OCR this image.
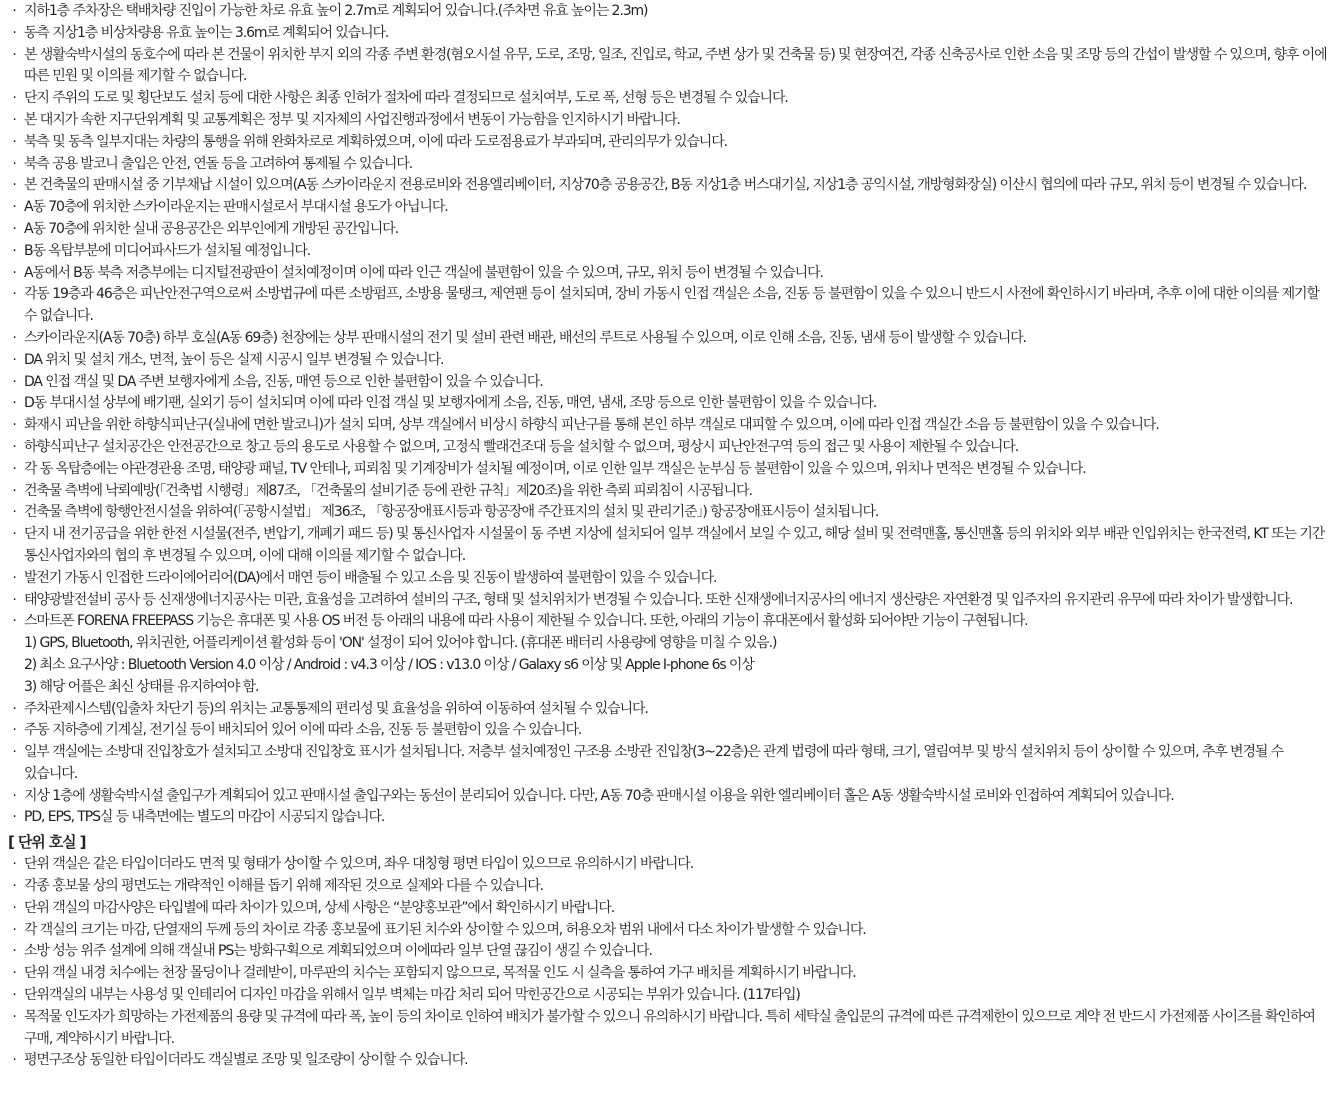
· 지하1층 주차장은 택배차량 진입이 가능한 차로 유효 높이 2.7m로 계획되어 있습니다.(주차면 유효 높이는 2.3m)
· 동측 지상1층 비상차량용 유효 높이는 3.6m로 계획되어 있습니다.
· 본 생활숙박시설의 동호수에 따라 본 건물이 위치한 부지 외의 각종 주변 환경(혐오시설 유무, 도로, 조망, 일조, 진입로, 학교, 주변 상가 및 건축물 등) 및 현장여건, 각종 신축공사로 인한 소음 및 조망 등의 간섭이 발생할 수 있으며, 향후 이에 따른 민원 및 이의를 제기할 수 없습니다.
· 단지 주위의 도로 및 횡단보도 설치 등에 대한 사항은 최종 인허가 절차에 따라 결정되므로 설치여부, 도로 폭, 선형 등은 변경될 수 있습니다.
· 본 대지가 속한 지구단위계획 및 교통계획은 정부 및 지자체의 사업진행과정에서 변동이 가능함을 인지하시기 바랍니다.
· 북측 및 동측 일부지대는 차량의 통행을 위해 완화차로로 계획하였으며, 이에 따라 도로점용료가 부과되며, 관리의무가 있습니다.
· 북측 공용 발코니 출입은 안전, 연돌 등을 고려하여 통제될 수 있습니다.
· 본 건축물의 판매시설 중 기부채납 시설이 있으며(A동 스카이라운지 전용로비와 전용엘리베이터, 지상70층 공용공간, B동 지상1층 버스대기실, 지상1층 공익시설, 개방형화장실) 이산시 협의에 따라 규모, 위치 등이 변경될 수 있습니다.
· A동 70층에 위치한 스카이라운지는 판매시설로서 부대시설 용도가 아닙니다.
· A동 70층에 위치한 실내 공용공간은 외부인에게 개방된 공간입니다.
· B동 옥탑부분에 미디어파사드가 설치될 예정입니다.
· A동에서 B동 북측 저층부에는 디지털전광판이 설치예정이며 이에 따라 인근 객실에 불편함이 있을 수 있으며, 규모, 위치 등이 변경될 수 있습니다.
· 각동 19층과 46층은 피난안전구역으로써 소방법규에 따른 소방펌프, 소방용 물탱크, 제연팬 등이 설치되며, 장비 가동시 인접 객실은 소음, 진동 등 불편함이 있을 수 있으니 반드시 사전에 확인하시기 바라며, 추후 이에 대한 이의를 제기할 수 없습니다.
· 스카이라운지(A동 70층) 하부 호실(A동 69층) 천장에는 상부 판매시설의 전기 및 설비 관련 배관, 배선의 루트로 사용될 수 있으며, 이로 인해 소음, 진동, 냄새 등이 발생할 수 있습니다.
· DA 위치 및 설치 개소, 면적, 높이 등은 실제 시공시 일부 변경될 수 있습니다.
· DA 인접 객실 및 DA 주변 보행자에게 소음, 진동, 매연 등으로 인한 불편함이 있을 수 있습니다.
· D동 부대시설 상부에 배기팬, 실외기 등이 설치되며 이에 따라 인접 객실 및 보행자에게 소음, 진동, 매연, 냄새, 조망 등으로 인한 불편함이 있을 수 있습니다.
· 화재시 피난을 위한 하향식피난구(실내에 면한 발코니)가 설치 되며, 상부 객실에서 비상시 하향식 피난구를 통해 본인 하부 객실로 대피할 수 있으며, 이에 따라 인접 객실간 소음 등 불편함이 있을 수 있습니다.
· 하향식피난구 설치공간은 안전공간으로 창고 등의 용도로 사용할 수 없으며, 고정식 빨래건조대 등을 설치할 수 없으며, 평상시 피난안전구역 등의 접근 및 사용이 제한될 수 있습니다.
· 각 동 옥탑층에는 야관경관용 조명, 태양광 패널, TV 안테나, 피뢰침 및 기계장비가 설치될 예정이며, 이로 인한 일부 객실은 눈부심 등 불편함이 있을 수 있으며, 위치나 면적은 변경될 수 있습니다.
· 건축물 측벽에 낙뢰예방(「건축법 시행령」제87조, 「건축물의 설비기준 등에 관한 규칙」제20조)을 위한 측뢰 피뢰침이 시공됩니다.
· 건축물 측벽에 항행안전시설을 위하여(「공항시설법」 제36조, 「항공장애표시등과 항공장애 주간표지의 설치 및 관리기준」) 항공장애표시등이 설치됩니다.
· 단지 내 전기공급을 위한 한전 시설물(전주, 변압기, 개폐기 패드 등) 및 통신사업자 시설물이 동 주변 지상에 설치되어 일부 객실에서 보일 수 있고, 해당 설비 및 전력맨홀, 통신맨홀 등의 위치와 외부 배관 인입위치는 한국전력, KT 또는 기간 통신사업자와의 협의 후 변경될 수 있으며, 이에 대해 이의를 제기할 수 없습니다.
· 발전기 가동시 인접한 드라이에어리어(DA)에서 매연 등이 배출될 수 있고 소음 및 진동이 발생하여 불편함이 있을 수 있습니다.
· 태양광발전설비 공사 등 신재생에너지공사는 미관, 효율성을 고려하여 설비의 구조, 형태 및 설치위치가 변경될 수 있습니다. 또한 신재생에너지공사의 에너지 생산량은 자연환경 및 입주자의 유지관리 유무에 따라 차이가 발생합니다.
· 스마트폰 FORENA FREEPASS 기능은 휴대폰 및 사용 OS 버전 등 아래의 내용에 따라 사용이 제한될 수 있습니다. 또한, 아래의 기능이 휴대폰에서 활성화 되어야만 기능이 구현됩니다.
1) GPS, Bluetooth, 위치권한, 어플리케이션 활성화 등이 'ON' 설정이 되어 있어야 합니다. (휴대폰 배터리 사용량에 영향을 미칠 수 있음.)
2) 최소 요구사양 : Bluetooth Version 4.0 이상 / Android : v4.3 이상 / IOS : v13.0 이상 / Galaxy s6 이상 및 Apple I-phone 6s 이상
3) 해당 어플은 최신 상태를 유지하여야 함.
· 주차관제시스템(입출차 차단기 등)의 위치는 교통통제의 편리성 및 효율성을 위하여 이동하여 설치될 수 있습니다.
· 주동 지하층에 기계실, 전기실 등이 배치되어 있어 이에 따라 소음, 진동 등 불편함이 있을 수 있습니다.
· 일부 객실에는 소방대 진입창호가 설치되고 소방대 진입창호 표시가 설치됩니다. 저층부 설치예정인 구조용 소방관 진입창(3~22층)은 관계 법령에 따라 형태, 크기, 열림여부 및 방식 설치위치 등이 상이할 수 있으며, 추후 변경될 수 있습니다.
· 지상 1층에 생활숙박시설 출입구가 계획되어 있고 판매시설 출입구와는 동선이 분리되어 있습니다. 다만, A동 70층 판매시설 이용을 위한 엘리베이터 홀은 A동 생활숙박시설 로비와 인접하여 계획되어 있습니다.
· PD, EPS, TPS실 등 내측면에는 별도의 마감이 시공되지 않습니다.
[ 단위 호실 ]
· 단위 객실은 같은 타입이더라도 면적 및 형태가 상이할 수 있으며, 좌우 대칭형 평면 타입이 있으므로 유의하시기 바랍니다.
· 각종 홍보물 상의 평면도는 개략적인 이해를 돕기 위해 제작된 것으로 실제와 다를 수 있습니다.
· 단위 객실의 마감사양은 타입별에 따라 차이가 있으며, 상세 사항은 “분양홍보관”에서 확인하시기 바랍니다.
· 각 객실의 크기는 마감, 단열재의 두께 등의 차이로 각종 홍보물에 표기된 치수와 상이할 수 있으며, 허용오차 범위 내에서 다소 차이가 발생할 수 있습니다.
· 소방 성능 위주 설계에 의해 객실내 PS는 방화구획으로 계획되었으며 이에따라 일부 단열 끊김이 생길 수 있습니다.
· 단위 객실 내경 치수에는 천장 몰딩이나 걸레받이, 마루판의 치수는 포함되지 않으므로, 목적물 인도 시 실측을 통하여 가구 배치를 계획하시기 바랍니다.
· 단위객실의 내부는 사용성 및 인테리어 디자인 마감을 위해서 일부 벽체는 마감 처리 되어 막힌공간으로 시공되는 부위가 있습니다. (117타입)
· 목적물 인도자가 희망하는 가전제품의 용량 및 규격에 따라 폭, 높이 등의 차이로 인하여 배치가 불가할 수 있으니 유의하시기 바랍니다. 특히 세탁실 출입문의 규격에 따른 규격제한이 있으므로 계약 전 반드시 가전제품 사이즈를 확인하여 구매, 계약하시기 바랍니다.
· 평면구조상 동일한 타입이더라도 객실별로 조망 및 일조량이 상이할 수 있습니다.
